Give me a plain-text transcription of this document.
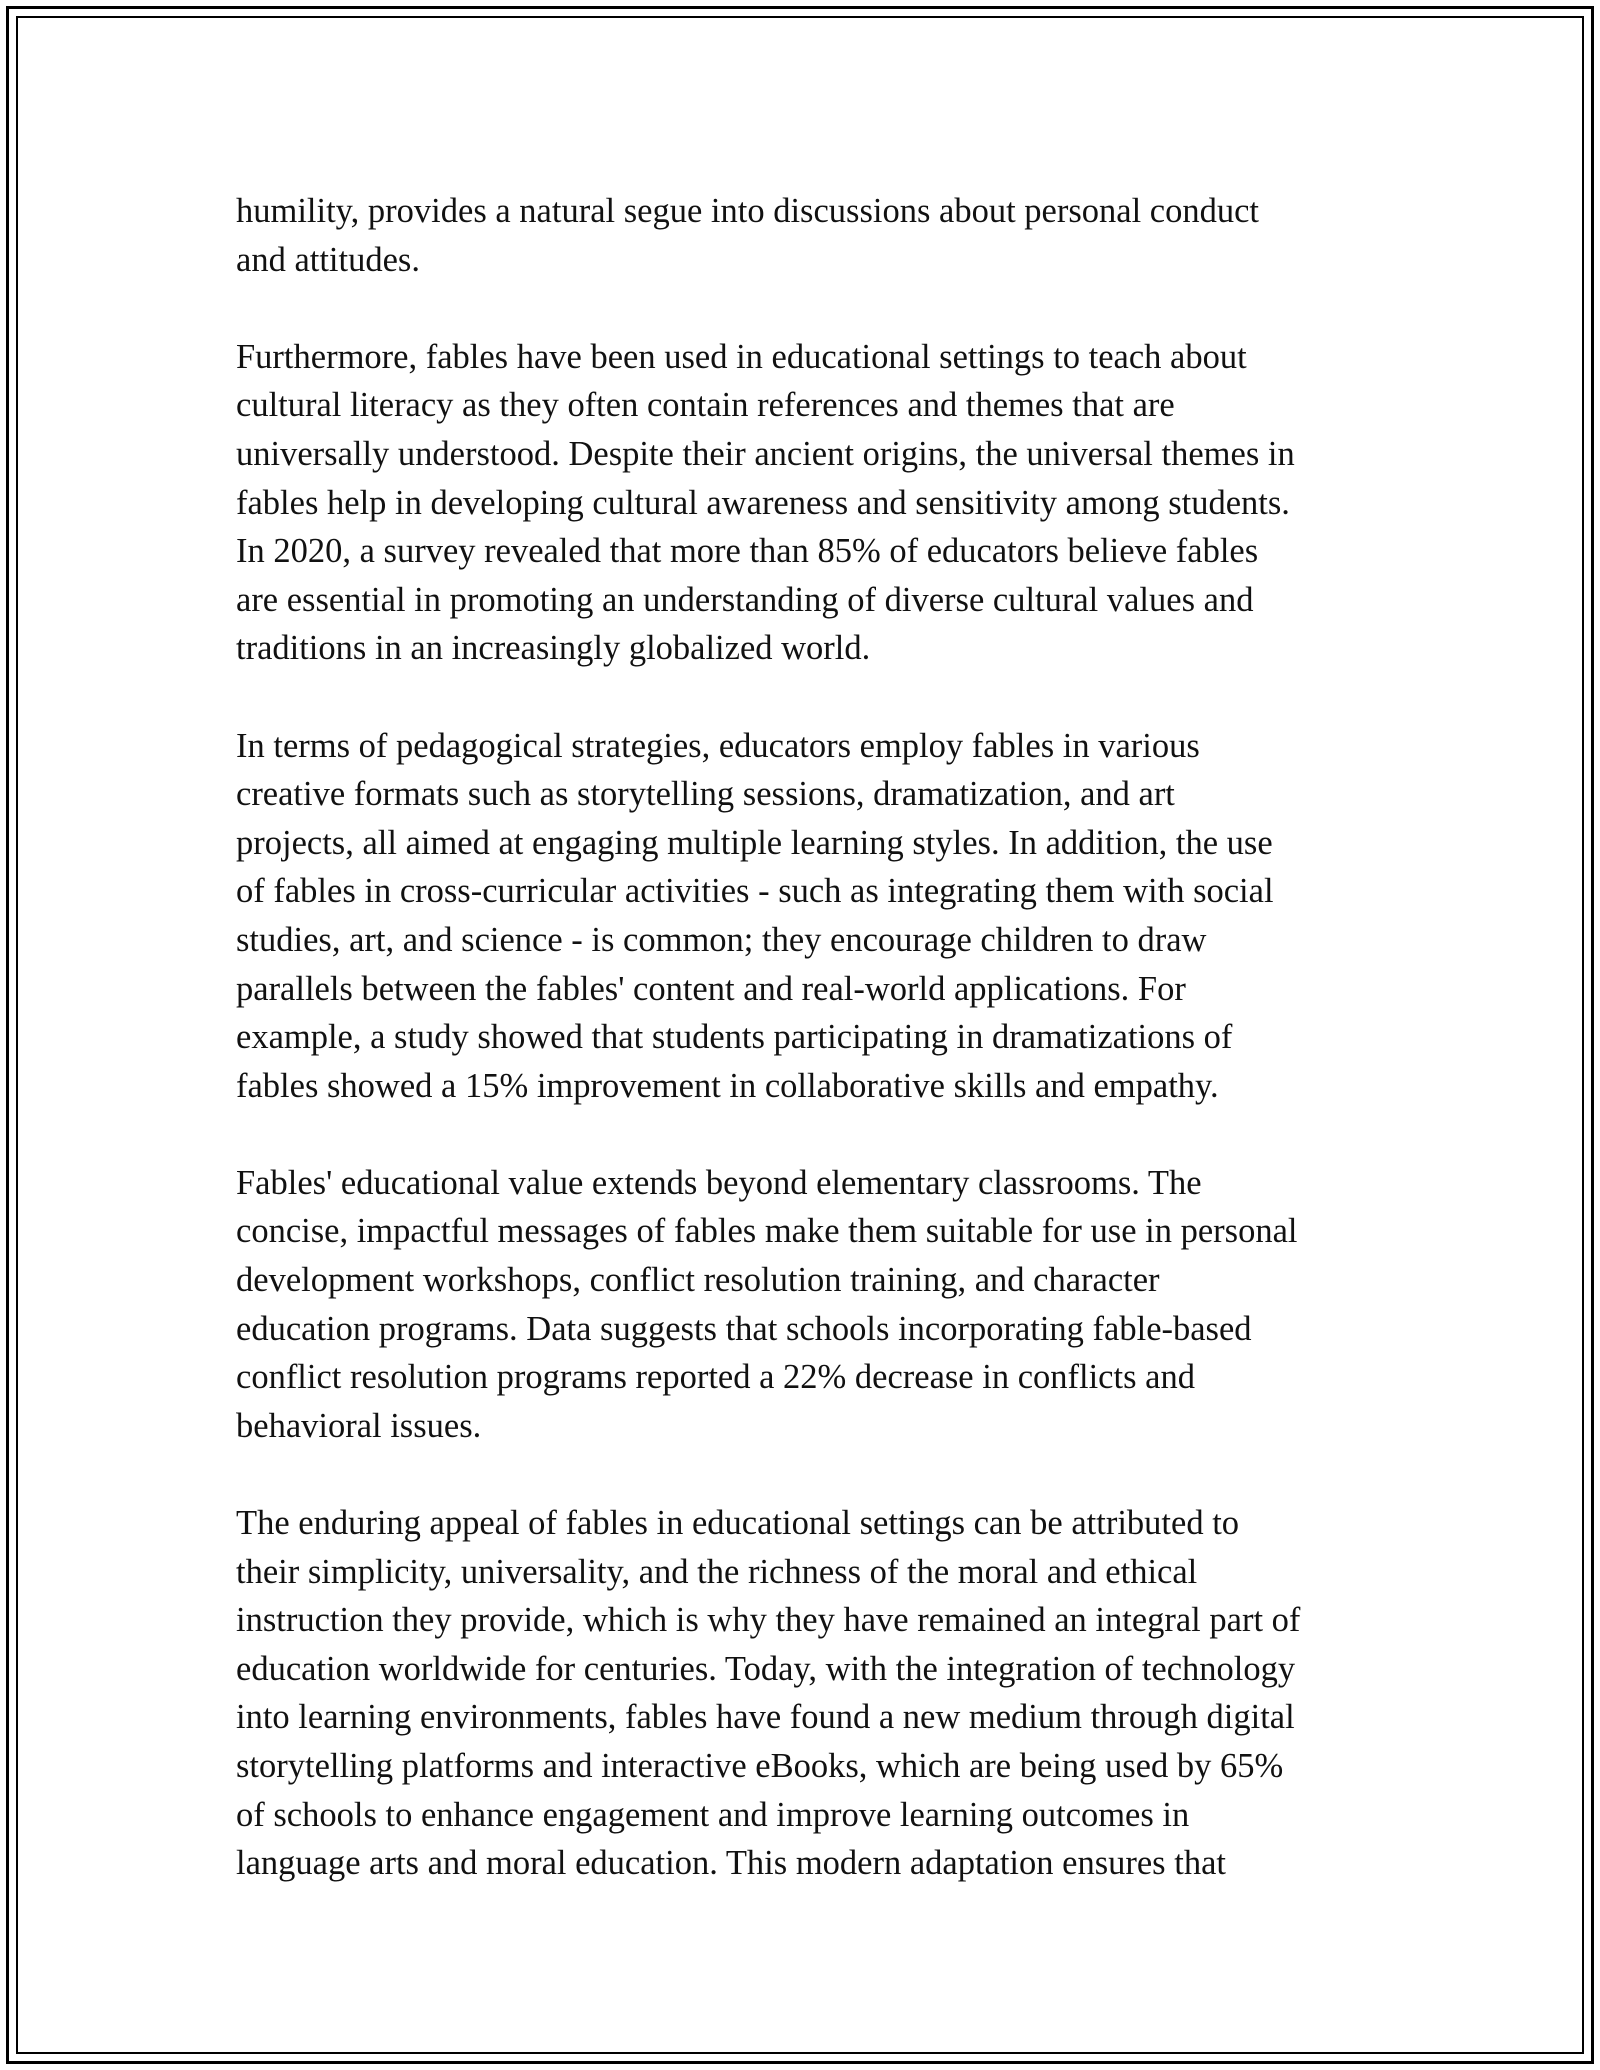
humility, provides a natural segue into discussions about personal conduct
and attitudes.
Furthermore, fables have been used in educational settings to teach about
cultural literacy as they often contain references and themes that are
universally understood. Despite their ancient origins, the universal themes in
fables help in developing cultural awareness and sensitivity among students.
In 2020, a survey revealed that more than 85% of educators believe fables
are essential in promoting an understanding of diverse cultural values and
traditions in an increasingly globalized world.
In terms of pedagogical strategies, educators employ fables in various
creative formats such as storytelling sessions, dramatization, and art
projects, all aimed at engaging multiple learning styles. In addition, the use
of fables in cross-curricular activities - such as integrating them with social
studies, art, and science - is common; they encourage children to draw
parallels between the fables' content and real-world applications. For
example, a study showed that students participating in dramatizations of
fables showed a 15% improvement in collaborative skills and empathy.
Fables' educational value extends beyond elementary classrooms. The
concise, impactful messages of fables make them suitable for use in personal
development workshops, conflict resolution training, and character
education programs. Data suggests that schools incorporating fable-based
conflict resolution programs reported a 22% decrease in conflicts and
behavioral issues.
The enduring appeal of fables in educational settings can be attributed to
their simplicity, universality, and the richness of the moral and ethical
instruction they provide, which is why they have remained an integral part of
education worldwide for centuries. Today, with the integration of technology
into learning environments, fables have found a new medium through digital
storytelling platforms and interactive eBooks, which are being used by 65%
of schools to enhance engagement and improve learning outcomes in
language arts and moral education. This modern adaptation ensures that
